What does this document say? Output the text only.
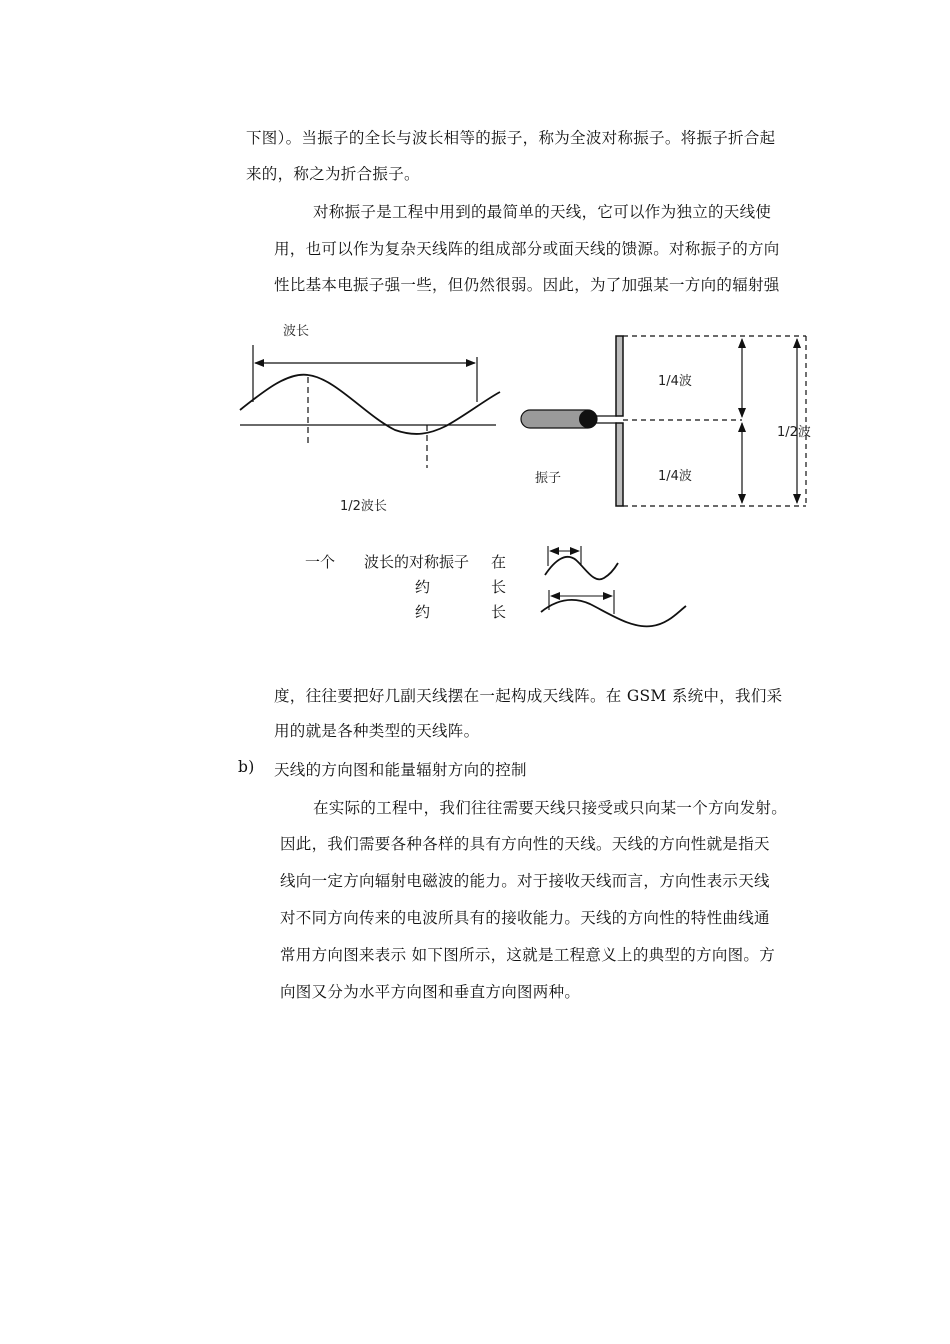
下图）。当振子的全长与波长相等的振子，称为全波对称振子。将振子折合起
来的，称之为折合振子。
对称振子是工程中用到的最简单的天线，它可以作为独立的天线使
用，也可以作为复杂天线阵的组成部分或面天线的馈源。对称振子的方向
性比基本电振子强一些，但仍然很弱。因此，为了加强某一方向的辐射强
波长
1/2波长
1/4波
1/4波
1/2波
振子
一个 波长的对称振子 在
约	长
约	长
度，往往要把好几副天线摆在一起构成天线阵。在 GSM 系统中，我们采
用的就是各种类型的天线阵。
b) 天线的方向图和能量辐射方向的控制
在实际的工程中，我们往往需要天线只接受或只向某一个方向发射。
因此，我们需要各种各样的具有方向性的天线。天线的方向性就是指天
线向一定方向辐射电磁波的能力。对于接收天线而言，方向性表示天线
对不同方向传来的电波所具有的接收能力。天线的方向性的特性曲线通
常用方向图来表示 如下图所示，这就是工程意义上的典型的方向图。方
向图又分为水平方向图和垂直方向图两种。
